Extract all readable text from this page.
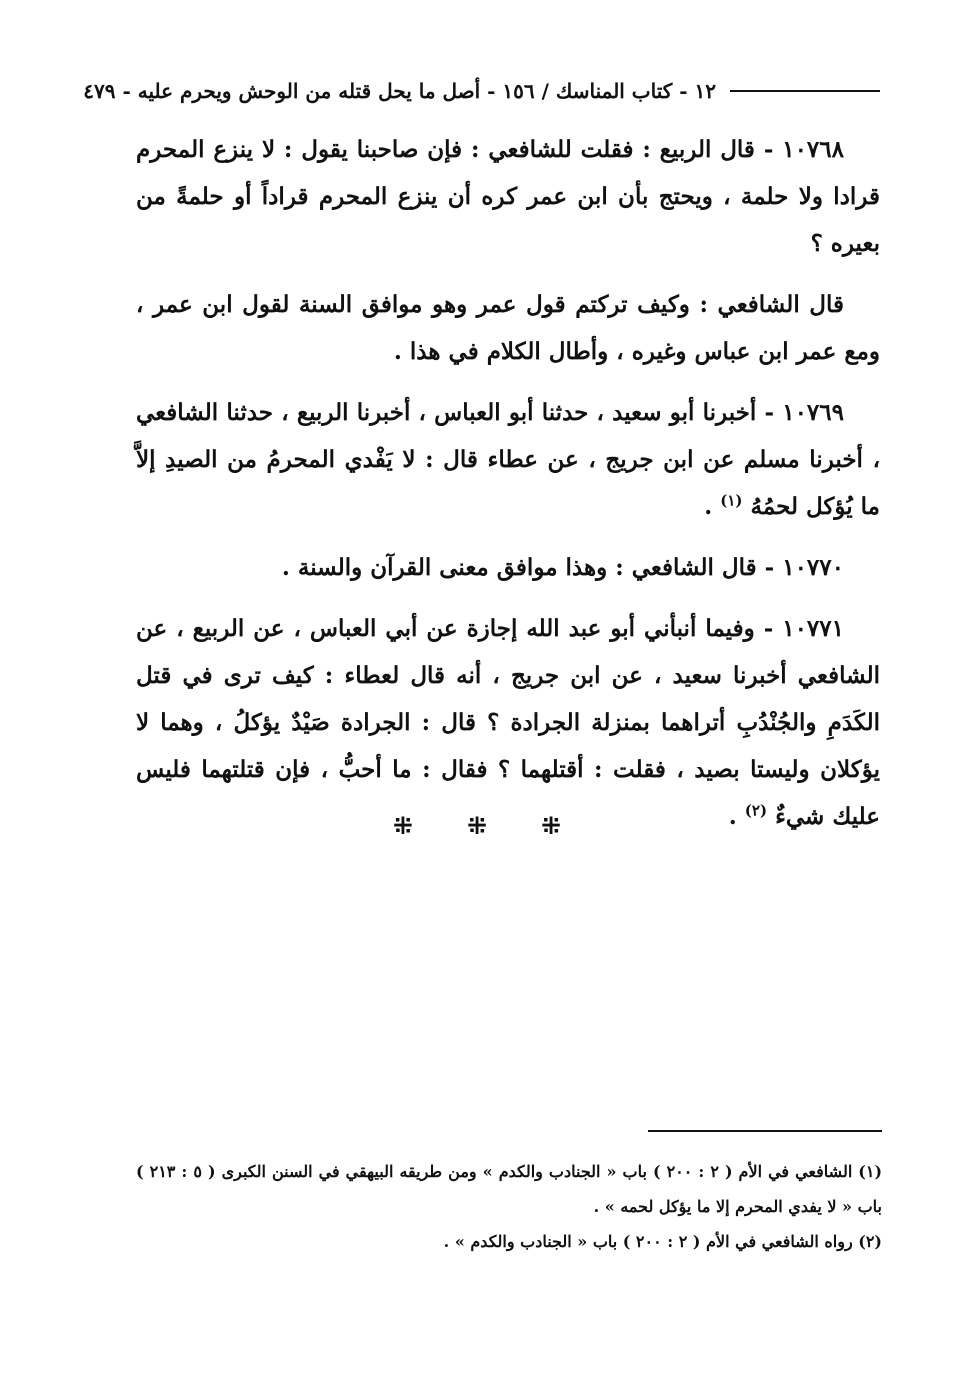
١٢ - كتاب المناسك / ١٥٦ - أصل ما يحل قتله من الوحش ويحرم عليه - ٤٧٩

١٠٧٦٨ - قال الربيع : فقلت للشافعي : فإن صاحبنا يقول : لا ينزع المحرم قرادا ولا حلمة ، ويحتج بأن ابن عمر كره أن ينزع المحرم قراداً أو حلمةً من بعيره ؟

قال الشافعي : وكيف تركتم قول عمر وهو موافق السنة لقول ابن عمر ، ومع عمر ابن عباس وغيره ، وأطال الكلام في هذا .

١٠٧٦٩ - أخبرنا أبو سعيد ، حدثنا أبو العباس ، أخبرنا الربيع ، حدثنا الشافعي ، أخبرنا مسلم عن ابن جريج ، عن عطاء قال : لا يَفْدي المحرمُ من الصيدِ إلاَّ ما يُؤكل لحمُهُ $^{(١)}$ .

١٠٧٧٠ - قال الشافعي : وهذا موافق معنى القرآن والسنة .

١٠٧٧١ - وفيما أنبأني أبو عبد الله إجازة عن أبي العباس ، عن الربيع ، عن الشافعي أخبرنا سعيد ، عن ابن جريج ، أنه قال لعطاء : كيف ترى في قتل الكَدَمِ والجُنْدُبِ أتراهما بمنزلة الجرادة ؟ قال : الجرادة صَيْدٌ يؤكلُ ، وهما لا يؤكلان وليستا بصيد ، فقلت : أقتلهما ؟ فقال : ما أحبُّ ، فإن قتلتهما فليس عليك شيءٌ $^{(٢)}$ .

⁜ ⁜ ⁜

(١) الشافعي في الأم ( ٢ : ٢٠٠ ) باب « الجنادب والكدم » ومن طريقه البيهقي في السنن الكبرى ( ٥ : ٢١٣ ) باب « لا يفدي المحرم إلا ما يؤكل لحمه » .

(٢) رواه الشافعي في الأم ( ٢ : ٢٠٠ ) باب « الجنادب والكدم » .
